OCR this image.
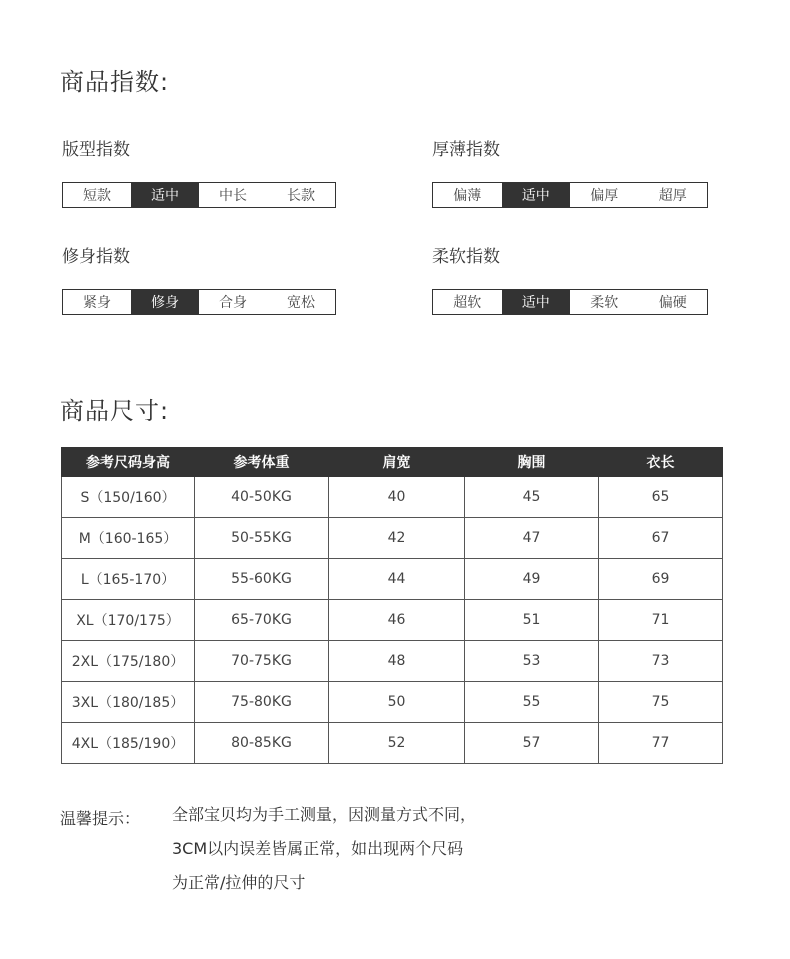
商品指数:
版型指数
短款	适中	中长	长款
厚薄指数
偏薄	适中	偏厚	超厚
修身指数
紧身	修身	合身	宽松
柔软指数
超软	适中	柔软	偏硬
商品尺寸:
参考尺码身高	参考体重	肩宽	胸围	衣长
S（150/160）	40-50KG	40	45	65
M（160-165）	50-55KG	42	47	67
L（165-170）	55-60KG	44	49	69
XL（170/175）	65-70KG	46	51	71
2XL（175/180）	70-75KG	48	53	73
3XL（180/185）	75-80KG	50	55	75
4XL（185/190）	80-85KG	52	57	77
温馨提示： 全部宝贝均为手工测量，因测量方式不同，
3CM以内误差皆属正常，如出现两个尺码
为正常/拉伸的尺寸
